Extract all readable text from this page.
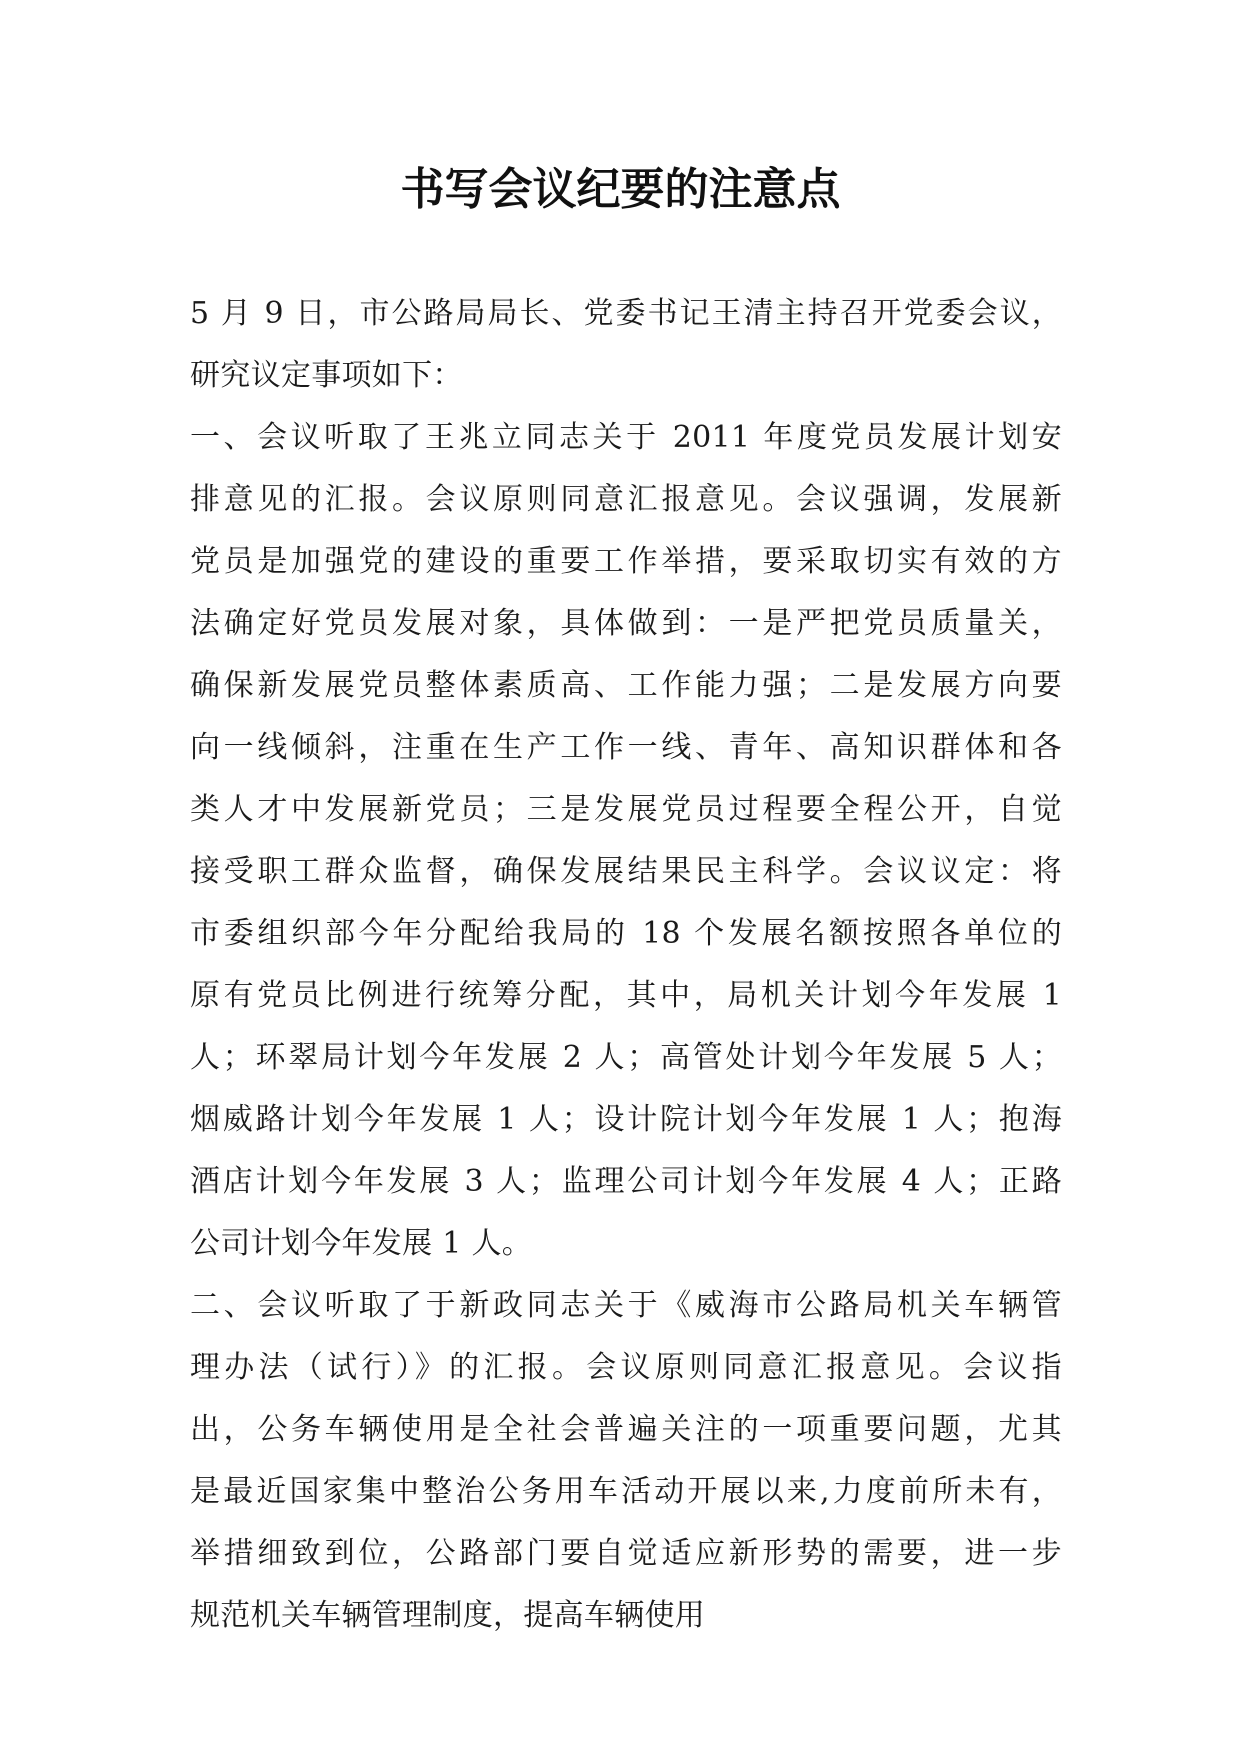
书写会议纪要的注意点
5 月 9 日，市公路局局长、党委书记王清主持召开党委会议，
研究议定事项如下：
一、会议听取了王兆立同志关于 2011 年度党员发展计划安
排意见的汇报。会议原则同意汇报意见。会议强调，发展新
党员是加强党的建设的重要工作举措，要采取切实有效的方
法确定好党员发展对象，具体做到：一是严把党员质量关，
确保新发展党员整体素质高、工作能力强；二是发展方向要
向一线倾斜，注重在生产工作一线、青年、高知识群体和各
类人才中发展新党员；三是发展党员过程要全程公开，自觉
接受职工群众监督，确保发展结果民主科学。会议议定：将
市委组织部今年分配给我局的 18 个发展名额按照各单位的
原有党员比例进行统筹分配，其中，局机关计划今年发展 1
人；环翠局计划今年发展 2 人；高管处计划今年发展 5 人；
烟威路计划今年发展 1 人；设计院计划今年发展 1 人；抱海
酒店计划今年发展 3 人；监理公司计划今年发展 4 人；正路
公司计划今年发展 1 人。
二、会议听取了于新政同志关于《威海市公路局机关车辆管
理办法（试行）》的汇报。会议原则同意汇报意见。会议指
出，公务车辆使用是全社会普遍关注的一项重要问题，尤其
是最近国家集中整治公务用车活动开展以来,力度前所未有，
举措细致到位，公路部门要自觉适应新形势的需要，进一步
规范机关车辆管理制度，提高车辆使用
